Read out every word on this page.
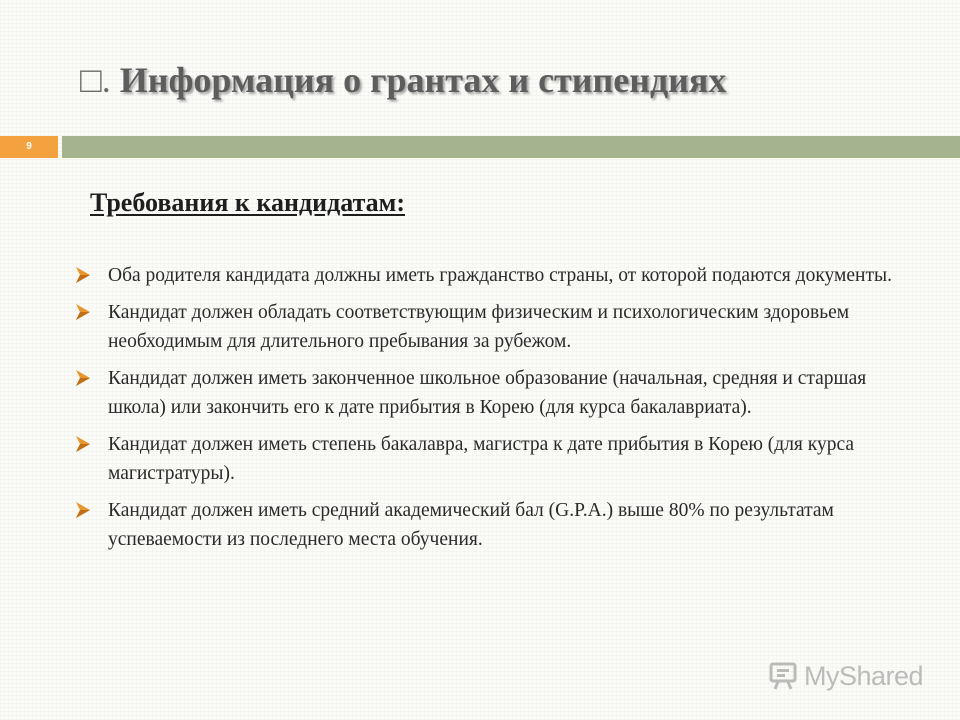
□. Информация о грантах и стипендиях
9
Требования к кандидатам:
Оба родителя кандидата должны иметь гражданство страны, от которой подаются документы.
Кандидат должен обладать соответствующим физическим и психологическим здоровьем необходимым для длительного пребывания за рубежом.
Кандидат должен иметь законченное школьное образование (начальная, средняя и старшая школа) или закончить его к дате прибытия в Корею (для курса бакалавриата).
Кандидат должен иметь степень бакалавра, магистра к дате прибытия в Корею (для курса магистратуры).
Кандидат должен иметь средний академический бал (G.P.A.) выше 80% по результатам успеваемости из последнего места обучения.
MyShared
